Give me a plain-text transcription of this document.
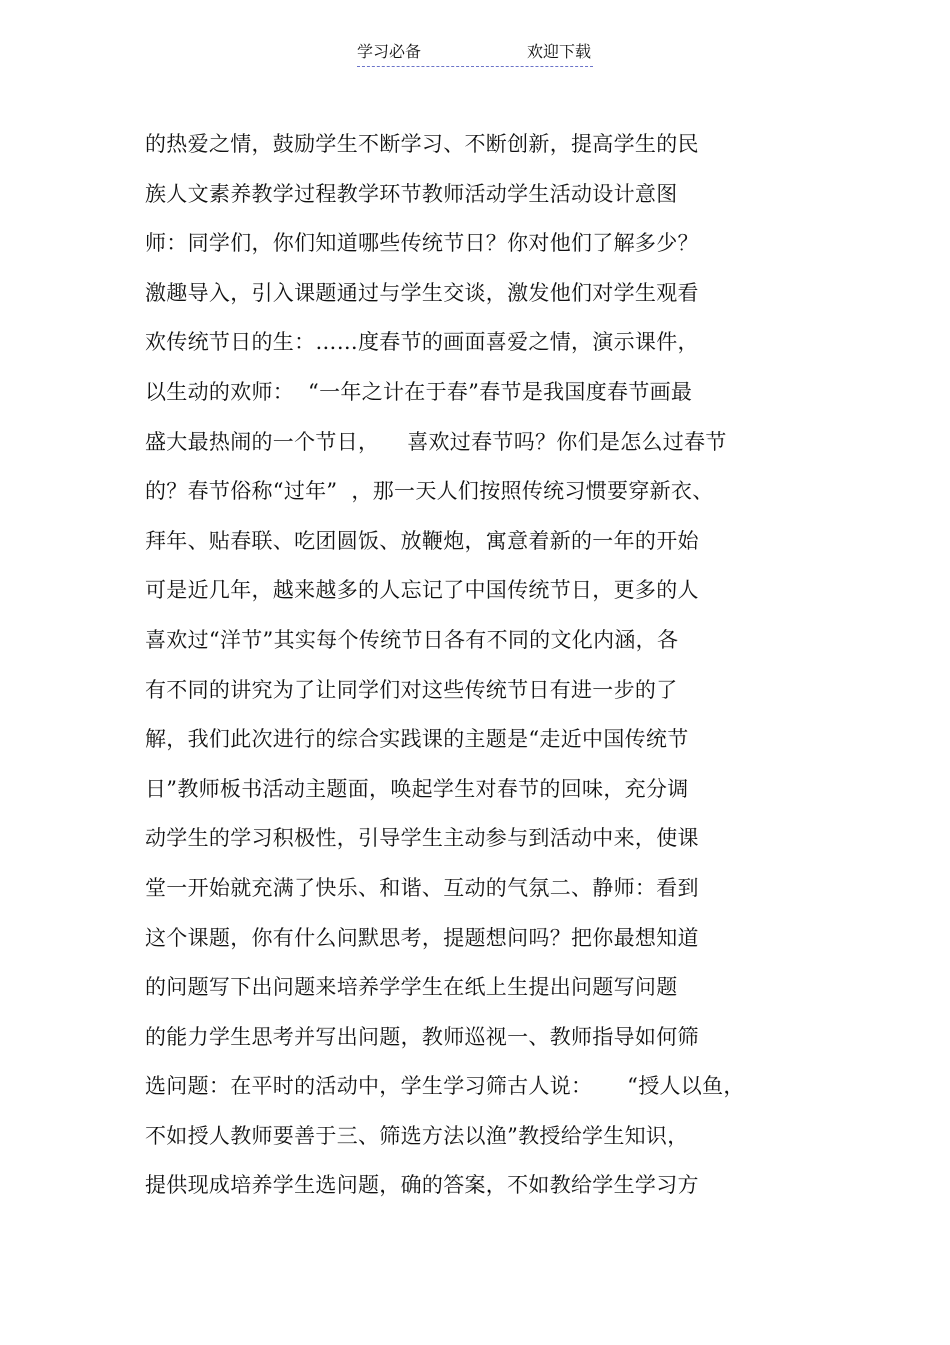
学习必备	欢迎下载
的热爱之情，鼓励学生不断学习、不断创新，提高学生的民
族人文素养教学过程教学环节教师活动学生活动设计意图
师：同学们，你们知道哪些传统节日？你对他们了解多少？
激趣导入，引入课题通过与学生交谈，激发他们对学生观看
欢传统节日的生：……度春节的画面喜爱之情，演示课件，
以生动的欢师：  “一年之计在于春”春节是我国度春节画最
盛大最热闹的一个节日，    喜欢过春节吗？你们是怎么过春节
的？春节俗称“过年”  ，那一天人们按照传统习惯要穿新衣、
拜年、贴春联、吃团圆饭、放鞭炮，寓意着新的一年的开始
可是近几年，越来越多的人忘记了中国传统节日，更多的人
喜欢过“洋节”其实每个传统节日各有不同的文化内涵，各
有不同的讲究为了让同学们对这些传统节日有进一步的了
解，我们此次进行的综合实践课的主题是“走近中国传统节
日”教师板书活动主题面，唤起学生对春节的回味，充分调
动学生的学习积极性，引导学生主动参与到活动中来，使课
堂一开始就充满了快乐、和谐、互动的气氛二、静师：看到
这个课题，你有什么问默思考，提题想问吗？把你最想知道
的问题写下出问题来培养学学生在纸上生提出问题写问题
的能力学生思考并写出问题，教师巡视一、教师指导如何筛
选问题：在平时的活动中，学生学习筛古人说：     “授人以鱼，
不如授人教师要善于三、筛选方法以渔”教授给学生知识，
提供现成培养学生选问题，确的答案，不如教给学生学习方
